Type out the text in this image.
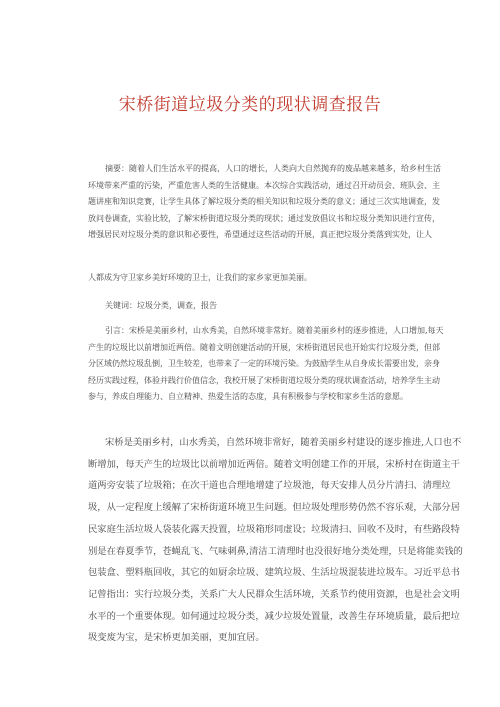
宋桥街道垃圾分类的现状调查报告
摘要：随着人们生活水平的提高，人口的增长，人类向大自然抛弃的废品越来越多，给乡村生活
环境带来严重的污染，严重危害人类的生活健康。本次综合实践活动，通过召开动员会、班队会、主
题讲座和知识竞赛，让学生具体了解垃圾分类的相关知识和垃圾分类的意义；通过三次实地调查，发
放问卷调查，实验比较，了解宋桥街道垃圾分类的现状；通过发放倡议书和垃圾分类知识进行宣传，
增强居民对垃圾分类的意识和必要性，希望通过这些活动的开展，真正把垃圾分类落到实处，让人
人都成为守卫家乡美好环境的卫士，让我们的家乡家更加美丽。
关键词：垃圾分类，调查，报告
引言：宋桥是美丽乡村，山水秀美，自然环境非常好。随着美丽乡村的逐步推进，人口增加,每天
产生的垃圾比以前增加近两倍。随着文明创建活动的开展，宋桥街道居民也开始实行垃圾分类，但部
分区域仍然垃圾乱倒，卫生较差，也带来了一定的环境污染。为鼓励学生从自身成长需要出发，亲身
经历实践过程，体验并践行价值信念，我校开展了宋桥街道垃圾分类的现状调查活动，培养学生主动
参与，养成自理能力、自立精神、热爱生活的态度，具有积极参与学校和家乡生活的意愿。
宋桥是美丽乡村，山水秀美，自然环境非常好，随着美丽乡村建设的逐步推进,人口也不
断增加，每天产生的垃圾比以前增加近两倍。随着文明创建工作的开展，宋桥村在街道主干
道两旁安装了垃圾箱；在次干道也合理地增建了垃圾池，每天安排人员分片清扫、清理垃
圾，从一定程度上缓解了宋桥街道环境卫生问题。但垃圾处理形势仍然不容乐观，大部分居
民家庭生活垃圾人袋装化露天投置，垃圾箱形同虚设；垃圾清扫、回收不及时，有些路段特
别是在春夏季节，苍蝇乱飞、气味刺鼻,清洁工清理时也没很好地分类处理，只是将能卖钱的
包装盒、塑料瓶回收，其它的如厨余垃圾、建筑垃圾、生活垃圾混装进垃圾车。习近平总书
记曾指出：实行垃圾分类，关系广大人民群众生活环境，关系节约使用资源，也是社会文明
水平的一个重要体现。如何通过垃圾分类，减少垃圾处置量，改善生存环境质量，最后把垃
圾变废为宝，是宋桥更加美丽，更加宜居。
